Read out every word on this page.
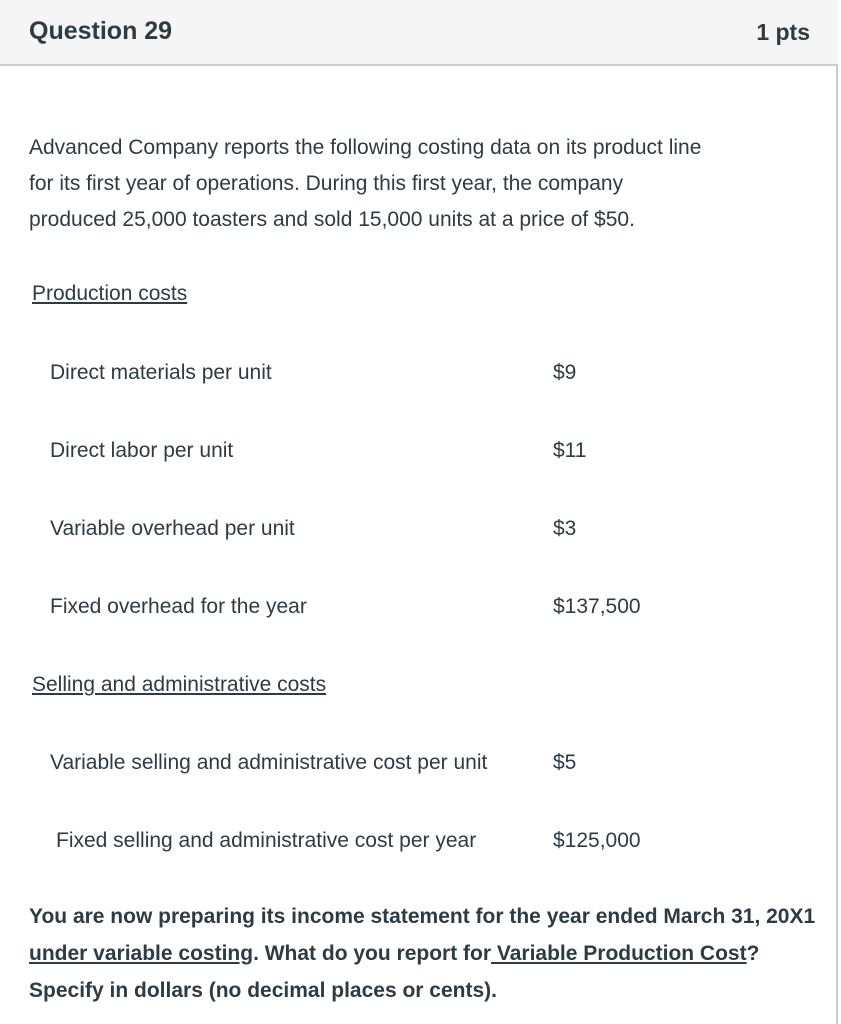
Question 29	1 pts

Advanced Company reports the following costing data on its product line

for its first year of operations. During this first year, the company

produced 25,000 toasters and sold 15,000 units at a price of $50.

Production costs
Direct materials per unit	$9
Direct labor per unit	$11
Variable overhead per unit	$3
Fixed overhead for the year	$137,500
Selling and administrative costs
Variable selling and administrative cost per unit	$5
Fixed selling and administrative cost per year	$125,000
You are now preparing its income statement for the year ended March 31, 20X1 under variable costing. What do you report for Variable Production Cost? Specify in dollars (no decimal places or cents).
